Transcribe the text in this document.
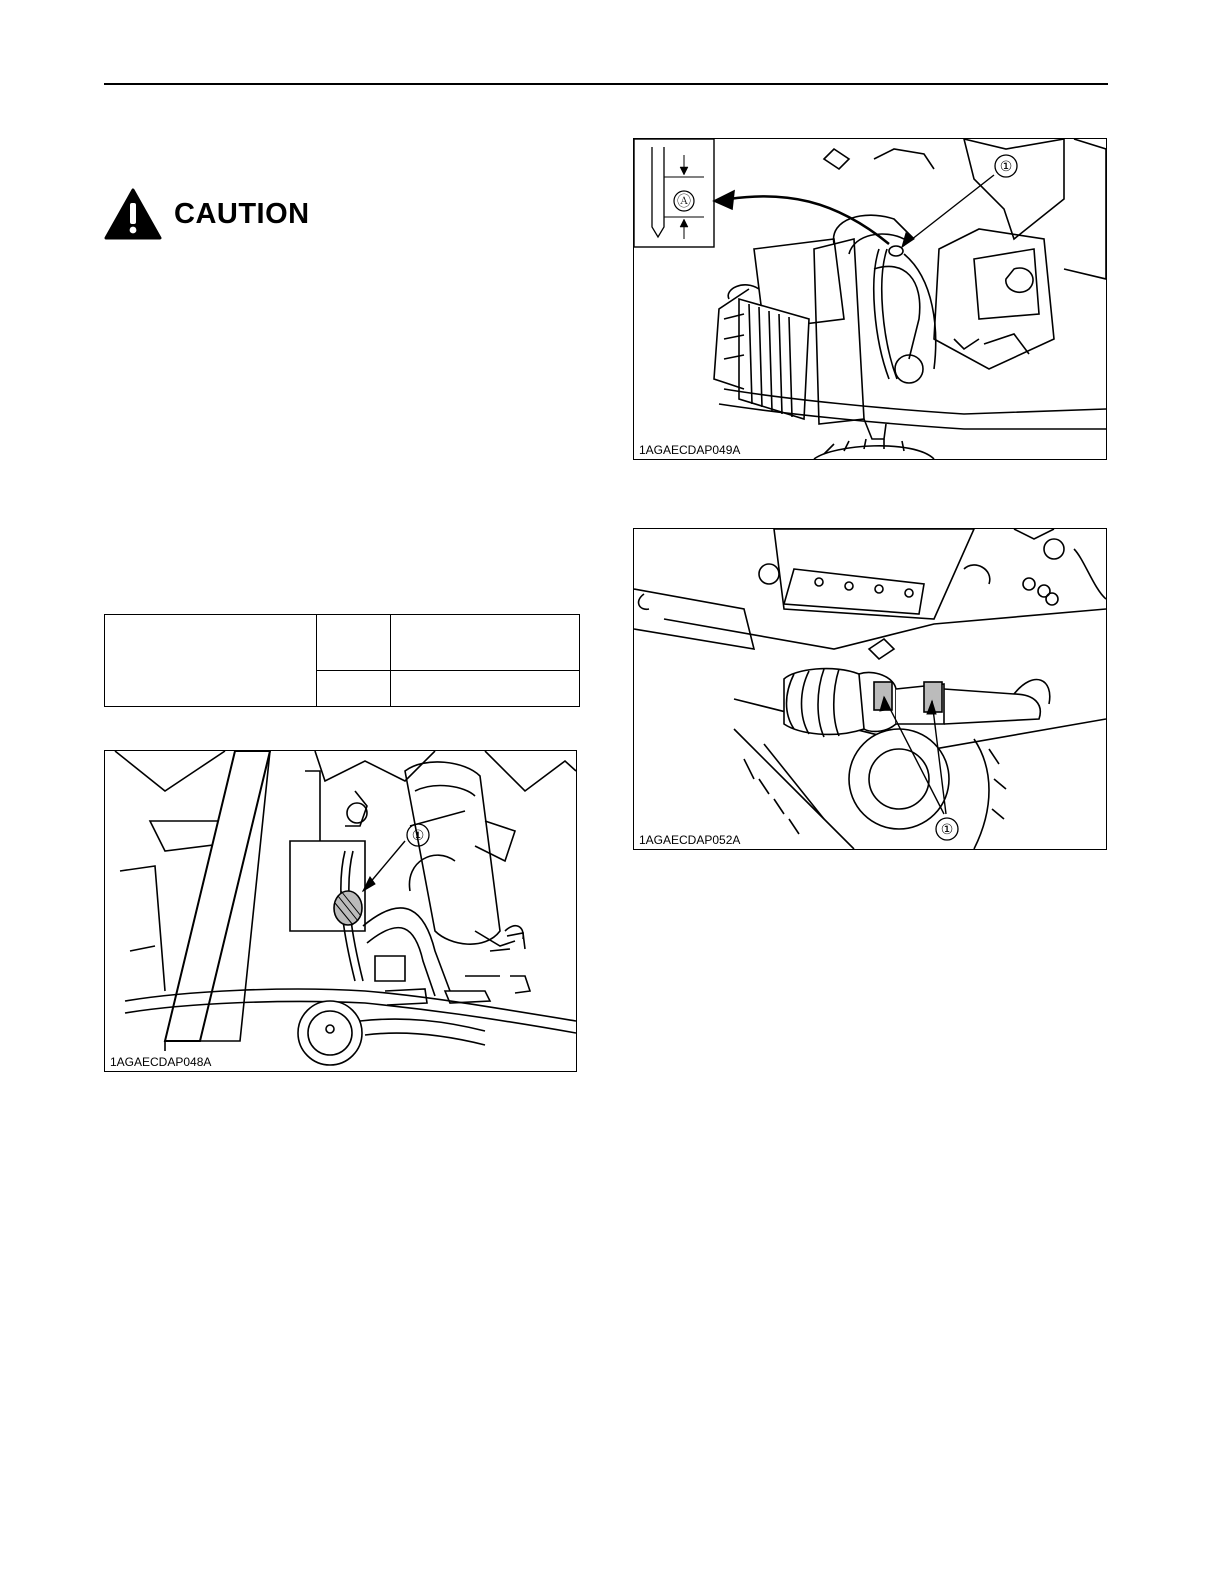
CAUTION

①
1AGAECDAP048A
①
Ⓐ
1AGAECDAP049A
①
1AGAECDAP052A
